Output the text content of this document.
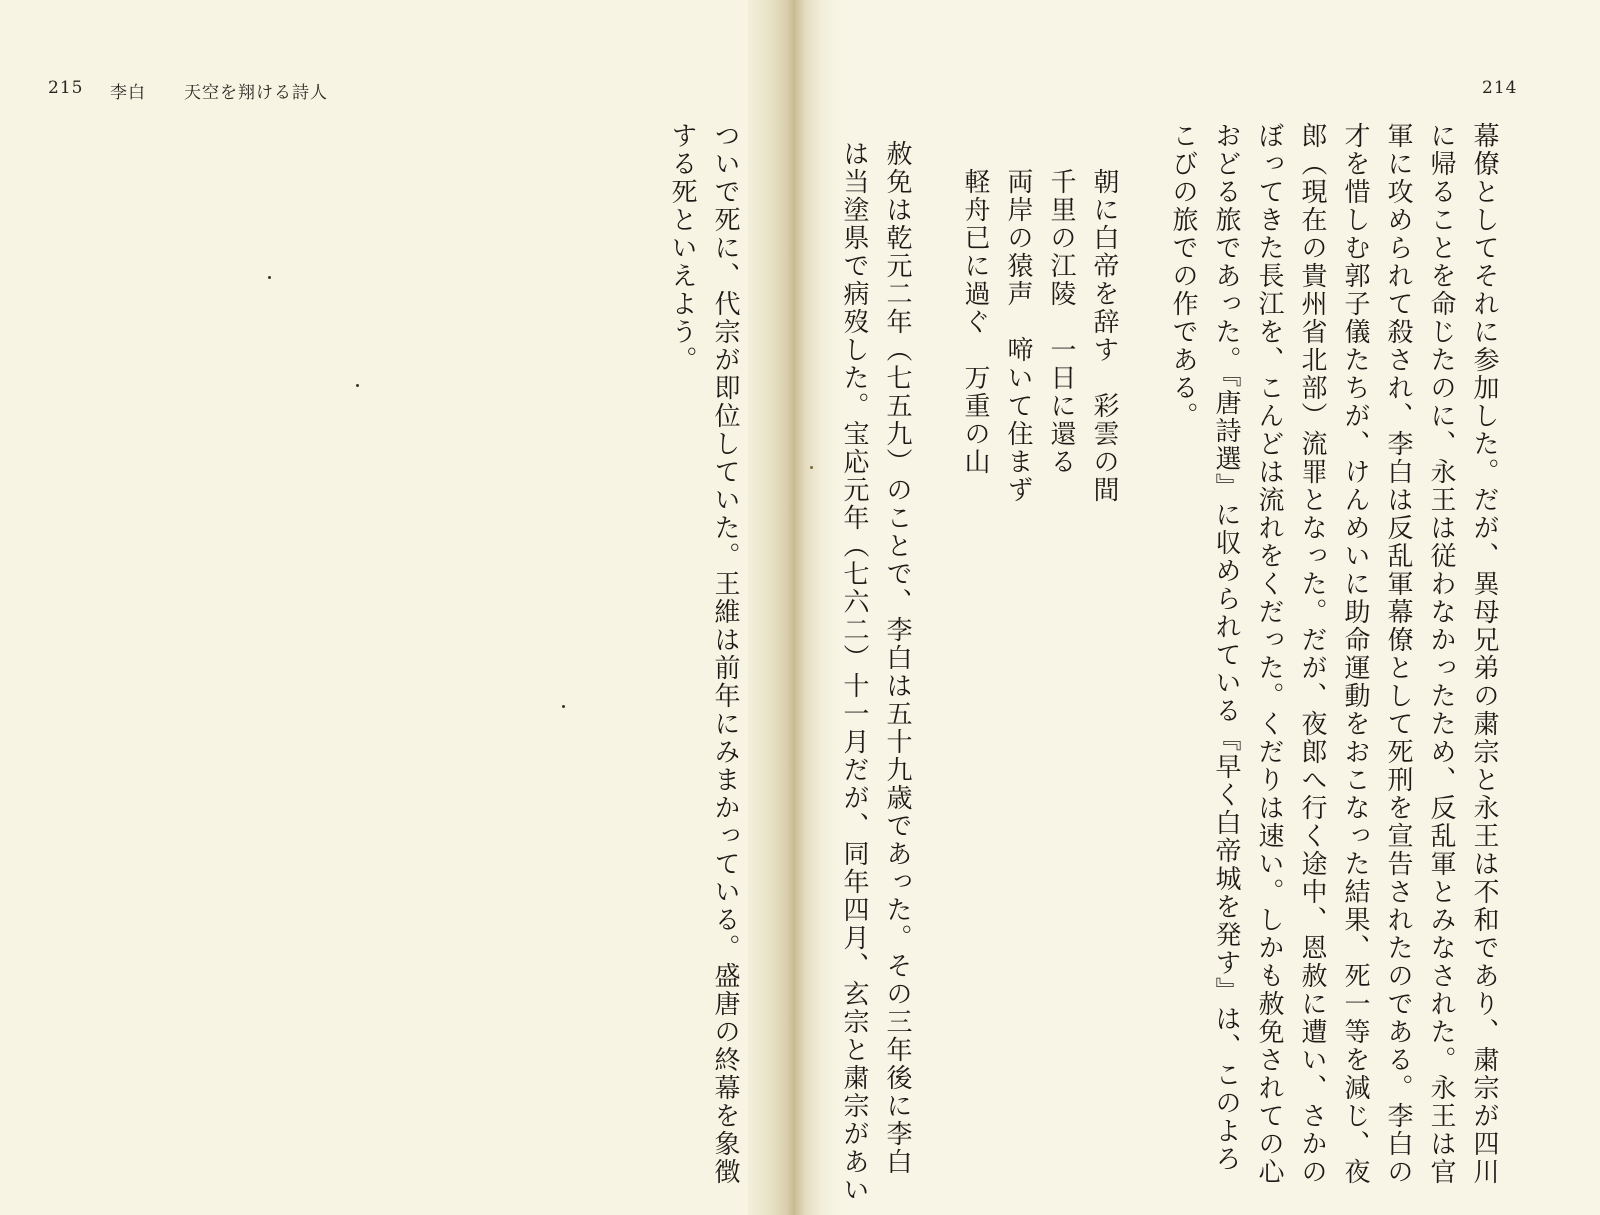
215 李白 天空を翔ける詩人
ついで死に、代宗が即位していた。王維は前年にみまかっている。盛唐の終幕を象徴
する死といえよう。
214
幕僚としてそれに参加した。だが、異母兄弟の粛宗と永王は不和であり、粛宗が四川
に帰ることを命じたのに、永王は従わなかったため、反乱軍とみなされた。永王は官
軍に攻められて殺され、李白は反乱軍幕僚として死刑を宣告されたのである。李白の
才を惜しむ郭子儀たちが、けんめいに助命運動をおこなった結果、死一等を減じ、夜
郎（現在の貴州省北部）流罪となった。だが、夜郎へ行く途中、恩赦に遭い、さかの
ぼってきた長江を、こんどは流れをくだった。くだりは速い。しかも赦免されての心
おどる旅であった。『唐詩選』に収められている『早く白帝城を発す』は、このよろ
こびの旅での作である。
朝に白帝を辞す　彩雲の間
千里の江陵　一日に還る
両岸の猿声　啼いて住まず
軽舟已に過ぐ　万重の山
赦免は乾元二年（七五九）のことで、李白は五十九歳であった。その三年後に李白
は当塗県で病歿した。宝応元年（七六二）十一月だが、同年四月、玄宗と粛宗があい
